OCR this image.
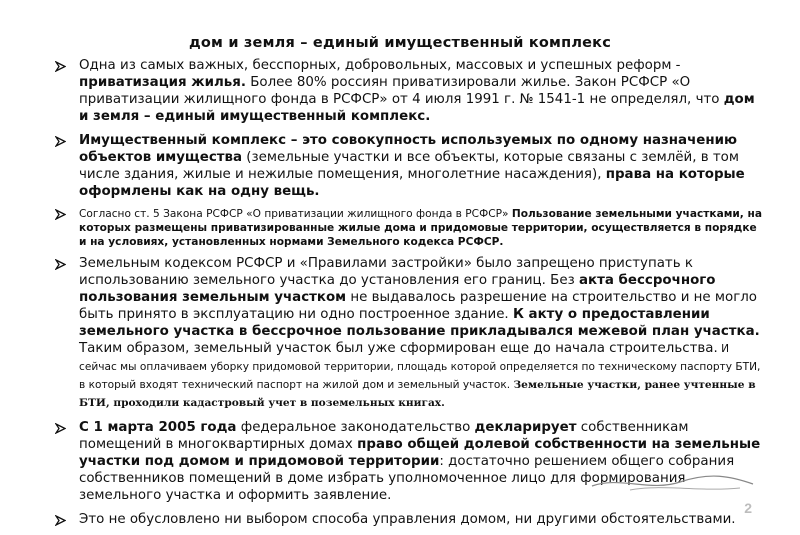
дом и земля – единый имущественный комплекс
Одна из самых важных, бесспорных, добровольных, массовых и успешных реформ - приватизация жилья. Более 80% россиян приватизировали жилье. Закон РСФСР «О приватизации жилищного фонда в РСФСР» от 4 июля 1991 г. № 1541-1 не определял, что дом и земля – единый имущественный комплекс.
Имущественный комплекс – это совокупность используемых по одному назначению объектов имущества (земельные участки и все объекты, которые связаны с землёй, в том числе здания, жилые и нежилые помещения, многолетние насаждения), права на которые оформлены как на одну вещь.
Согласно ст. 5 Закона РСФСР «О приватизации жилищного фонда в РСФСР» Пользование земельными участками, на которых размещены приватизированные жилые дома и придомовые территории, осуществляется в порядке и на условиях, установленных нормами Земельного кодекса РСФСР.
Земельным кодексом РСФСР и «Правилами застройки» было запрещено приступать к использованию земельного участка до установления его границ. Без акта бессрочного пользования земельным участком не выдавалось разрешение на строительство и не могло быть принято в эксплуатацию ни одно построенное здание. К акту о предоставлении земельного участка в бессрочное пользование прикладывался межевой план участка. Таким образом, земельный участок был уже сформирован еще до начала строительства. И сейчас мы оплачиваем уборку придомовой территории, площадь которой определяется по техническому паспорту БТИ, в который входят технический паспорт на жилой дом и земельный участок. Земельные участки, ранее учтенные в БТИ, проходили кадастровый учет в поземельных книгах.
С 1 марта 2005 года федеральное законодательство декларирует собственникам помещений в многоквартирных домах право общей долевой собственности на земельные участки под домом и придомовой территории: достаточно решением общего собрания собственников помещений в доме избрать уполномоченное лицо для формирования земельного участка и оформить заявление.
Это не обусловлено ни выбором способа управления домом, ни другими обстоятельствами.
2
